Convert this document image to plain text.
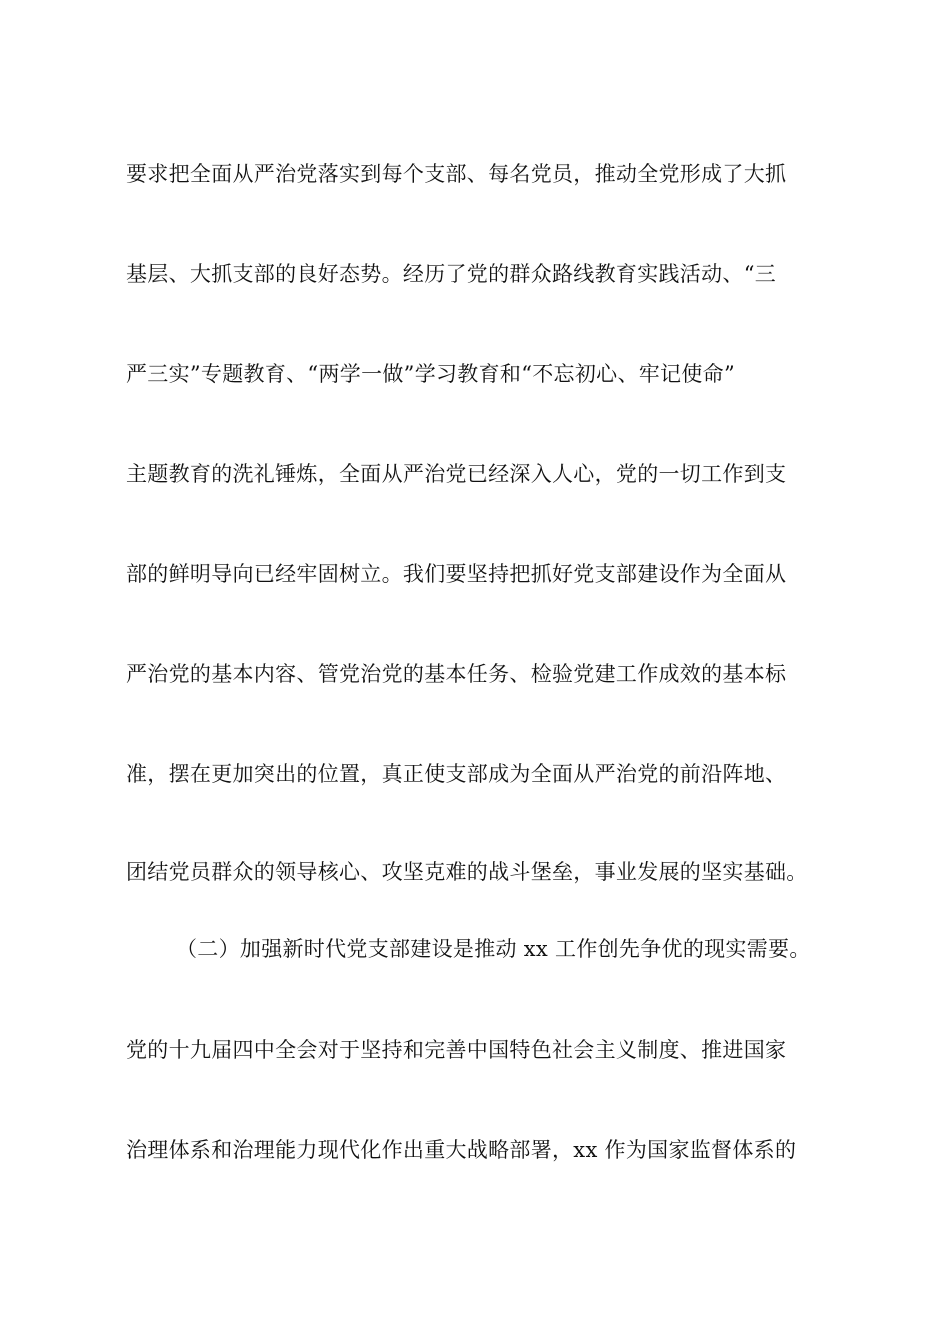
要求把全面从严治党落实到每个支部、每名党员，推动全党形成了大抓
基层、大抓支部的良好态势。经历了党的群众路线教育实践活动、“三
严三实”专题教育、“两学一做”学习教育和“不忘初心、牢记使命”
主题教育的洗礼锤炼，全面从严治党已经深入人心，党的一切工作到支
部的鲜明导向已经牢固树立。我们要坚持把抓好党支部建设作为全面从
严治党的基本内容、管党治党的基本任务、检验党建工作成效的基本标
准，摆在更加突出的位置，真正使支部成为全面从严治党的前沿阵地、
团结党员群众的领导核心、攻坚克难的战斗堡垒，事业发展的坚实基础。
（二）加强新时代党支部建设是推动 xx 工作创先争优的现实需要。
党的十九届四中全会对于坚持和完善中国特色社会主义制度、推进国家
治理体系和治理能力现代化作出重大战略部署，xx 作为国家监督体系的
